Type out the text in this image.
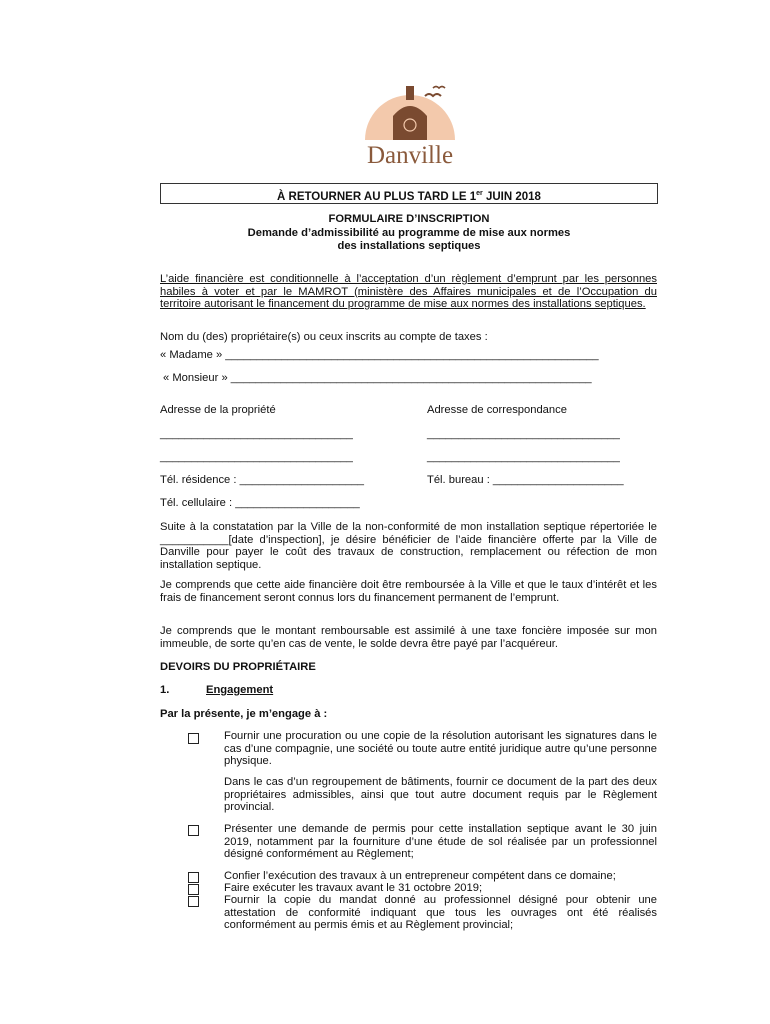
Danville
À RETOURNER AU PLUS TARD LE 1er JUIN 2018
FORMULAIRE D’INSCRIPTION
Demande d’admissibilité au programme de mise aux normes
des installations septiques
L’aide financière est conditionnelle à l’acceptation d’un règlement d’emprunt par les personnes habiles à voter et par le MAMROT (ministère des Affaires municipales et de l’Occupation du territoire autorisant le financement du programme de mise aux normes des installations septiques.
Nom du (des) propriétaire(s) ou ceux inscrits au compte de taxes :
« Madame » ____________________________________________________________
« Monsieur » __________________________________________________________
Adresse de la propriété	Adresse de correspondance
_______________________________	_______________________________
_______________________________	_______________________________
Tél. résidence : ____________________	Tél. bureau : _____________________
Tél. cellulaire : ____________________
Suite à la constatation par la Ville de la non-conformité de mon installation septique répertoriée le ___________[date d’inspection], je désire bénéficier de l’aide financière offerte par la Ville de Danville pour payer le coût des travaux de construction, remplacement ou réfection de mon installation septique.
Je comprends que cette aide financière doit être remboursée à la Ville et que le taux d’intérêt et les frais de financement seront connus lors du financement permanent de l’emprunt.
Je comprends que le montant remboursable est assimilé à une taxe foncière imposée sur mon immeuble, de sorte qu’en cas de vente, le solde devra être payé par l’acquéreur.
DEVOIRS DU PROPRIÉTAIRE
1.	Engagement
Par la présente, je m’engage à :
Fournir une procuration ou une copie de la résolution autorisant les signatures dans le cas d’une compagnie, une société ou toute autre entité juridique autre qu’une personne physique.
Dans le cas d’un regroupement de bâtiments, fournir ce document de la part des deux propriétaires admissibles, ainsi que tout autre document requis par le Règlement provincial.
Présenter une demande de permis pour cette installation septique avant le 30 juin 2019, notamment par la fourniture d’une étude de sol réalisée par un professionnel désigné conformément au Règlement;
Confier l’exécution des travaux à un entrepreneur compétent dans ce domaine;
Faire exécuter les travaux avant le 31 octobre 2019;
Fournir la copie du mandat donné au professionnel désigné pour obtenir une attestation de conformité indiquant que tous les ouvrages ont été réalisés conformément au permis émis et au Règlement provincial;
